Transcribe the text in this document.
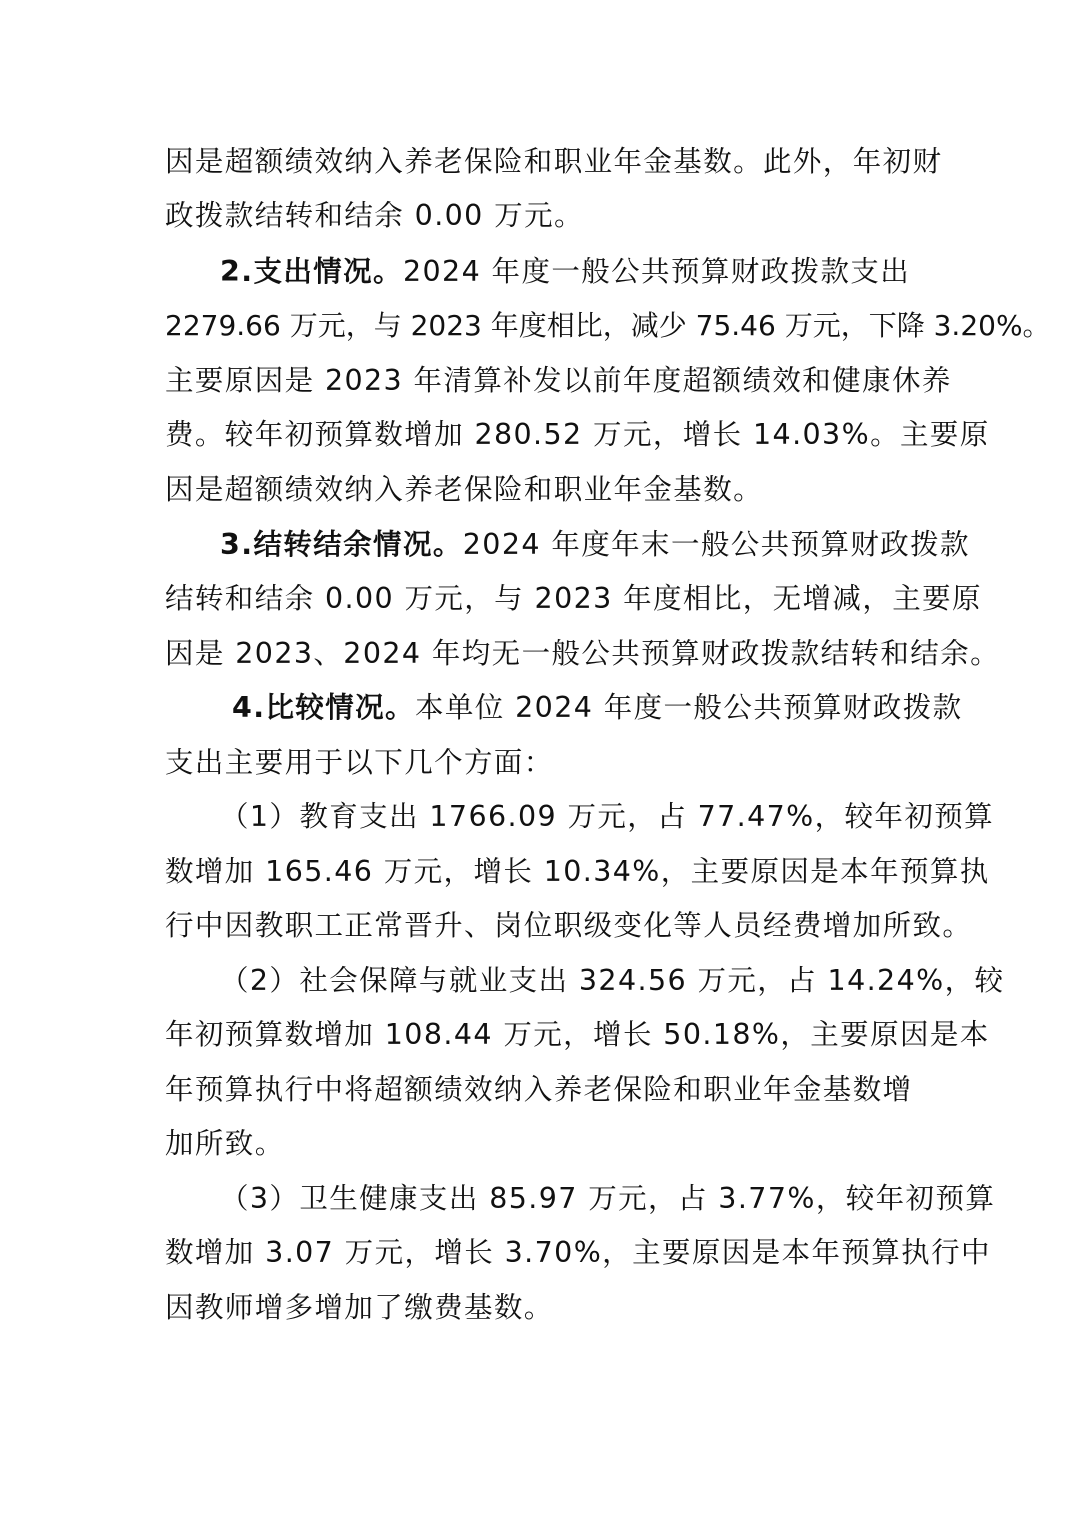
因是超额绩效纳入养老保险和职业年金基数。此外，年初财
政拨款结转和结余 0.00 万元。
2.支出情况。2024 年度一般公共预算财政拨款支出
2279.66 万元，与 2023 年度相比，减少 75.46 万元，下降 3.20%。
主要原因是 2023 年清算补发以前年度超额绩效和健康休养
费。较年初预算数增加 280.52 万元，增长 14.03%。主要原
因是超额绩效纳入养老保险和职业年金基数。
3.结转结余情况。2024 年度年末一般公共预算财政拨款
结转和结余 0.00 万元，与 2023 年度相比，无增减，主要原
因是 2023、2024 年均无一般公共预算财政拨款结转和结余。
4.比较情况。本单位 2024 年度一般公共预算财政拨款
支出主要用于以下几个方面：
（1）教育支出 1766.09 万元，占 77.47%，较年初预算
数增加 165.46 万元，增长 10.34%，主要原因是本年预算执
行中因教职工正常晋升、岗位职级变化等人员经费增加所致。
（2）社会保障与就业支出 324.56 万元，占 14.24%，较
年初预算数增加 108.44 万元，增长 50.18%，主要原因是本
年预算执行中将超额绩效纳入养老保险和职业年金基数增
加所致。
（3）卫生健康支出 85.97 万元，占 3.77%，较年初预算
数增加 3.07 万元，增长 3.70%，主要原因是本年预算执行中
因教师增多增加了缴费基数。
